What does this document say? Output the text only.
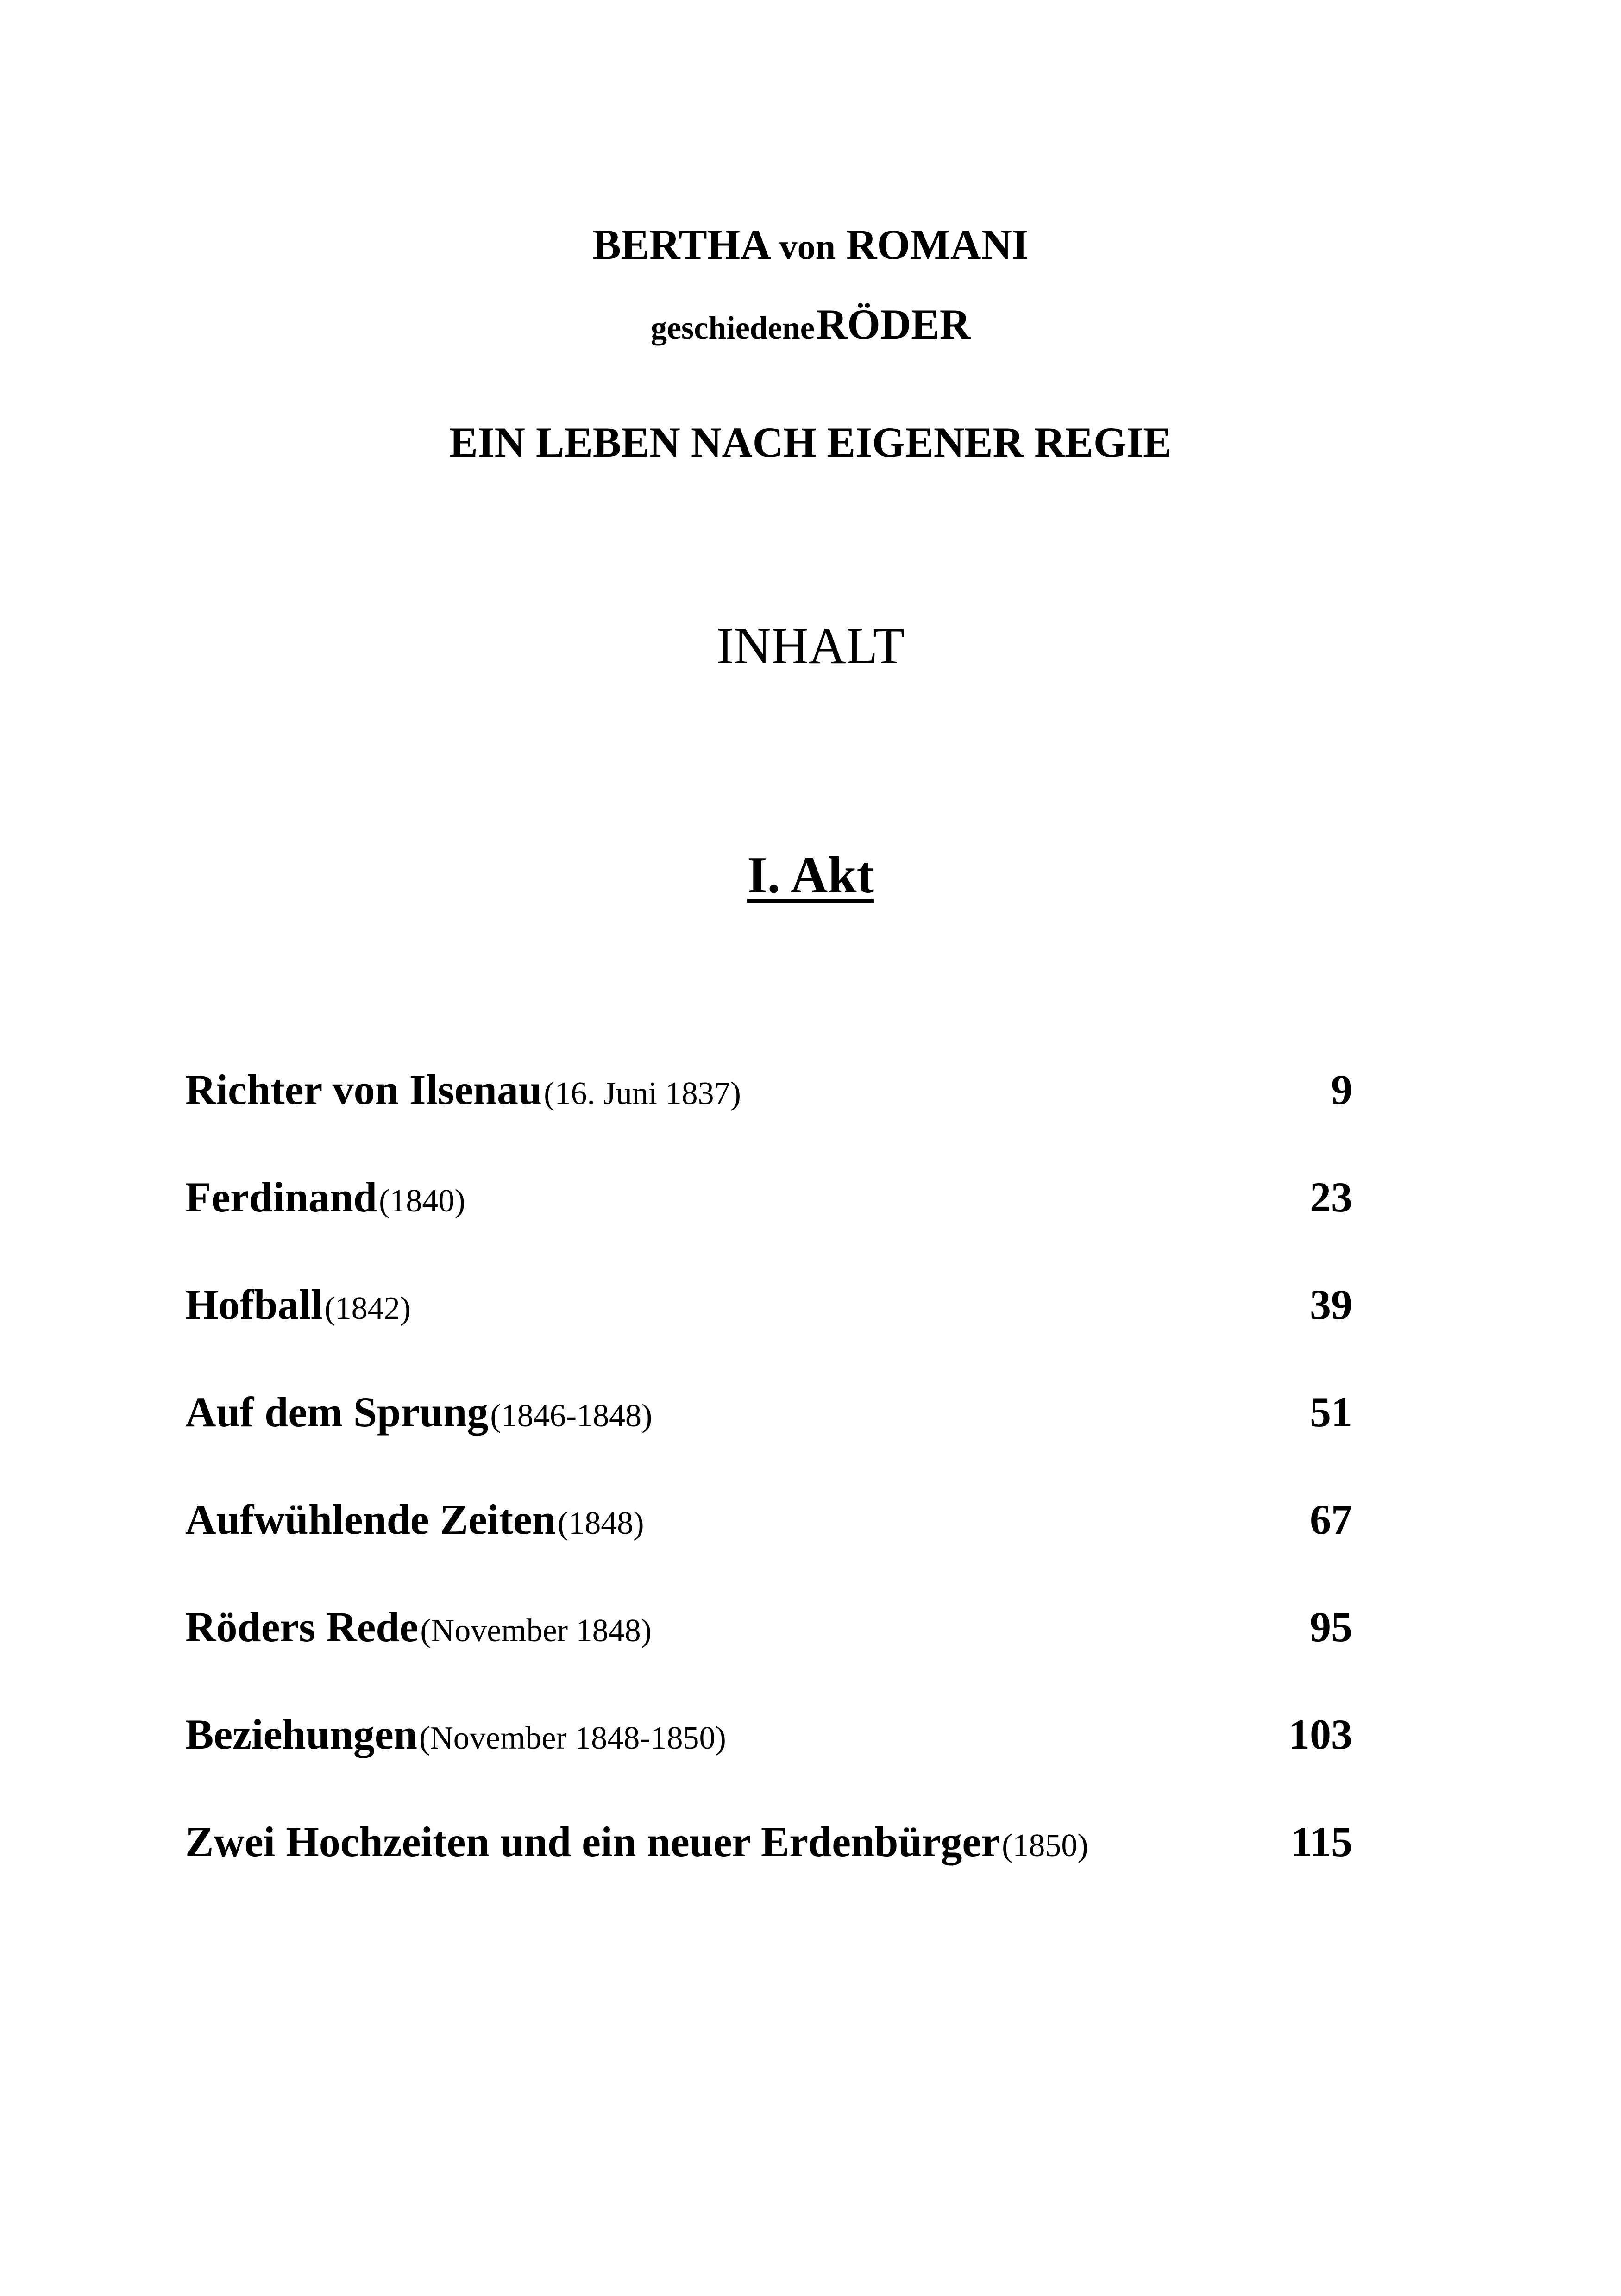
BERTHA von ROMANI
geschiedene RÖDER
EIN LEBEN NACH EIGENER REGIE
INHALT
I. Akt
Richter von Ilsenau (16. Juni 1837)	9
Ferdinand (1840)	23
Hofball (1842)	39
Auf dem Sprung (1846-1848)	51
Aufwühlende Zeiten (1848)	67
Röders Rede (November 1848)	95
Beziehungen (November 1848-1850)	103
Zwei Hochzeiten und ein neuer Erdenbürger (1850)	115
